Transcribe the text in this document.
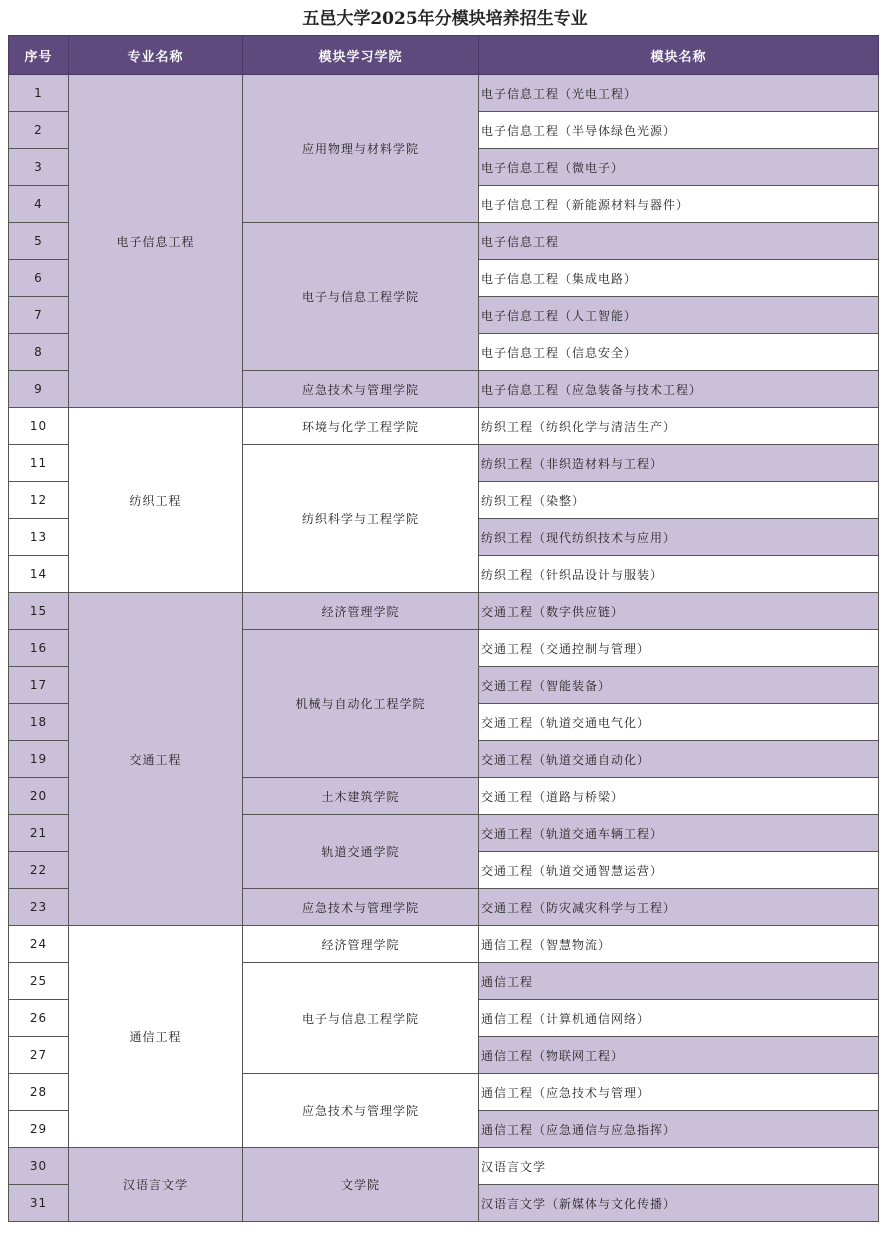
五邑大学2025年分模块培养招生专业
序号	专业名称	模块学习学院	模块名称
1	电子信息工程	应用物理与材料学院	电子信息工程（光电工程）
2			电子信息工程（半导体绿色光源）
3			电子信息工程（微电子）
4			电子信息工程（新能源材料与器件）
5		电子与信息工程学院	电子信息工程
6			电子信息工程（集成电路）
7			电子信息工程（人工智能）
8			电子信息工程（信息安全）
9		应急技术与管理学院	电子信息工程（应急装备与技术工程）
10	纺织工程	环境与化学工程学院	纺织工程（纺织化学与清洁生产）
11		纺织科学与工程学院	纺织工程（非织造材料与工程）
12			纺织工程（染整）
13			纺织工程（现代纺织技术与应用）
14			纺织工程（针织品设计与服装）
15	交通工程	经济管理学院	交通工程（数字供应链）
16		机械与自动化工程学院	交通工程（交通控制与管理）
17			交通工程（智能装备）
18			交通工程（轨道交通电气化）
19			交通工程（轨道交通自动化）
20		土木建筑学院	交通工程（道路与桥梁）
21		轨道交通学院	交通工程（轨道交通车辆工程）
22			交通工程（轨道交通智慧运营）
23		应急技术与管理学院	交通工程（防灾减灾科学与工程）
24	通信工程	经济管理学院	通信工程（智慧物流）
25		电子与信息工程学院	通信工程
26			通信工程（计算机通信网络）
27			通信工程（物联网工程）
28		应急技术与管理学院	通信工程（应急技术与管理）
29			通信工程（应急通信与应急指挥）
30	汉语言文学	文学院	汉语言文学
31			汉语言文学（新媒体与文化传播）
